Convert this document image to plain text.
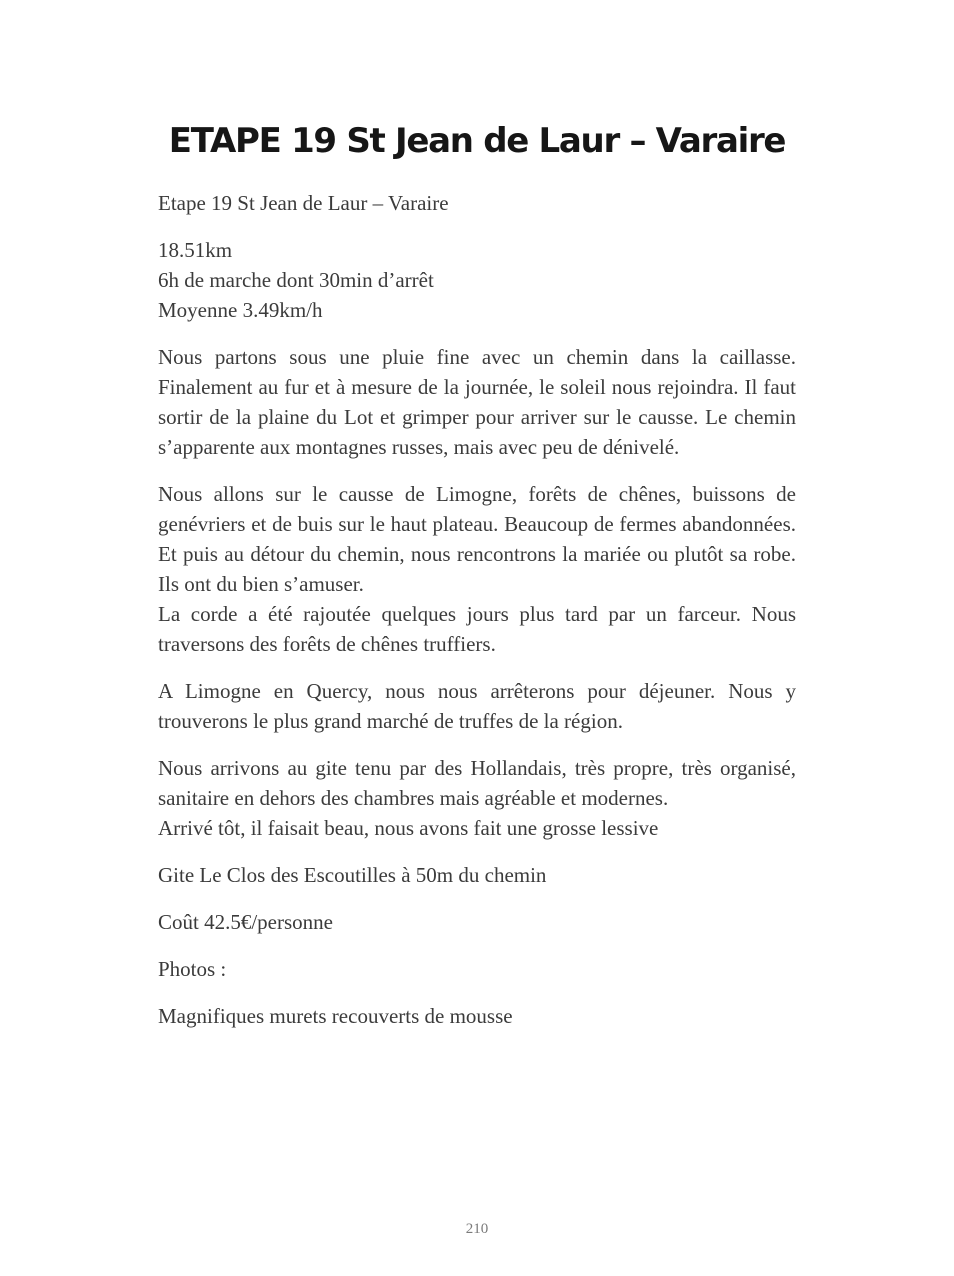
ETAPE 19 St Jean de Laur – Varaire

Etape 19 St Jean de Laur – Varaire

18.51km
6h de marche dont 30min d’arrêt
Moyenne 3.49km/h

Nous partons sous une pluie fine avec un chemin dans la caillasse. Finalement au fur et à mesure de la journée, le soleil nous rejoindra. Il faut sortir de la plaine du Lot et grimper pour arriver sur le causse. Le chemin s’apparente aux montagnes russes, mais avec peu de dénivelé.

Nous allons sur le causse de Limogne, forêts de chênes, buissons de genévriers et de buis sur le haut plateau. Beaucoup de fermes abandonnées. Et puis au détour du chemin, nous rencontrons la mariée ou plutôt sa robe. Ils ont du bien s’amuser.
La corde a été rajoutée quelques jours plus tard par un farceur. Nous traversons des forêts de chênes truffiers.

A Limogne en Quercy, nous nous arrêterons pour déjeuner. Nous y trouverons le plus grand marché de truffes de la région.

Nous arrivons au gite tenu par des Hollandais, très propre, très organisé, sanitaire en dehors des chambres mais agréable et modernes.
Arrivé tôt, il faisait beau, nous avons fait une grosse lessive

Gite Le Clos des Escoutilles à 50m du chemin

Coût 42.5€/personne

Photos :

Magnifiques murets recouverts de mousse

210
